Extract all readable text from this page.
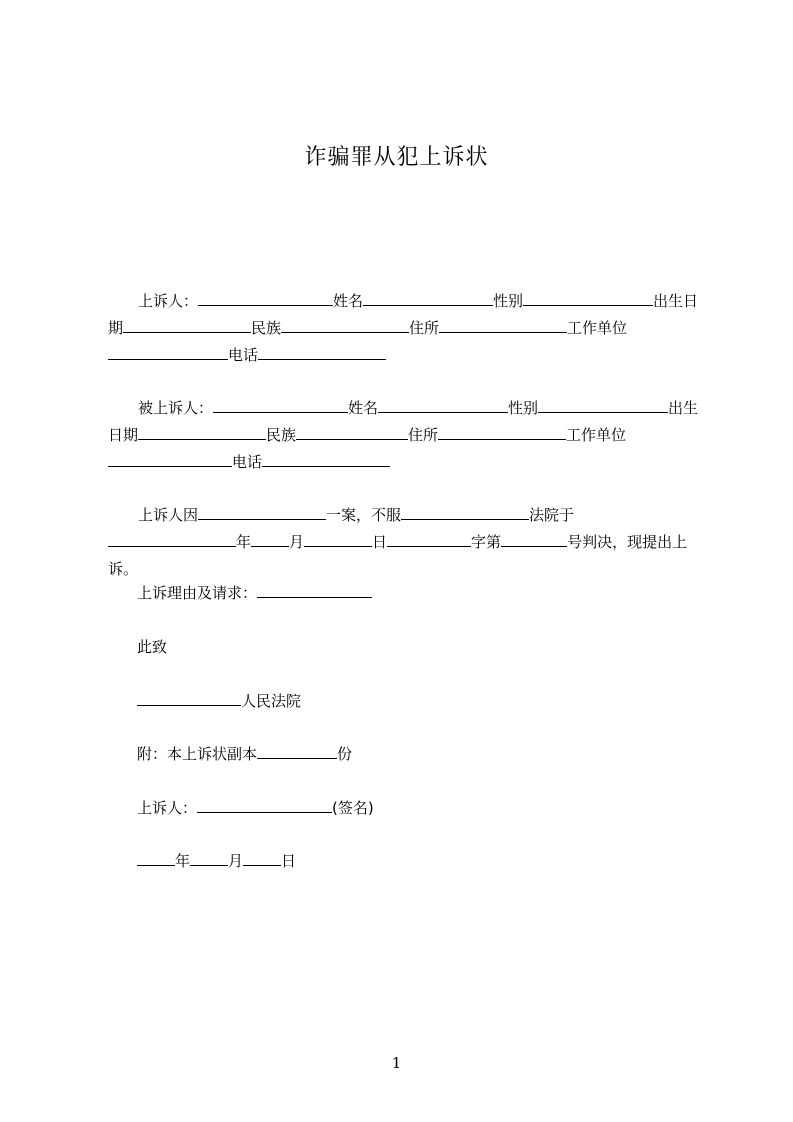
诈骗罪从犯上诉状
上诉人：	姓名	性别	出生日期	民族	住所	工作单位电话
被上诉人：	姓名	性别	出生日期	民族	住所	工作单位电话
上诉人因	一案，不服	法院于年	月	日	字第	号判决，现提出上诉。
上诉理由及请求：
此致
人民法院
附：本上诉状副本	份
上诉人：	(签名)
年	月	日
1
